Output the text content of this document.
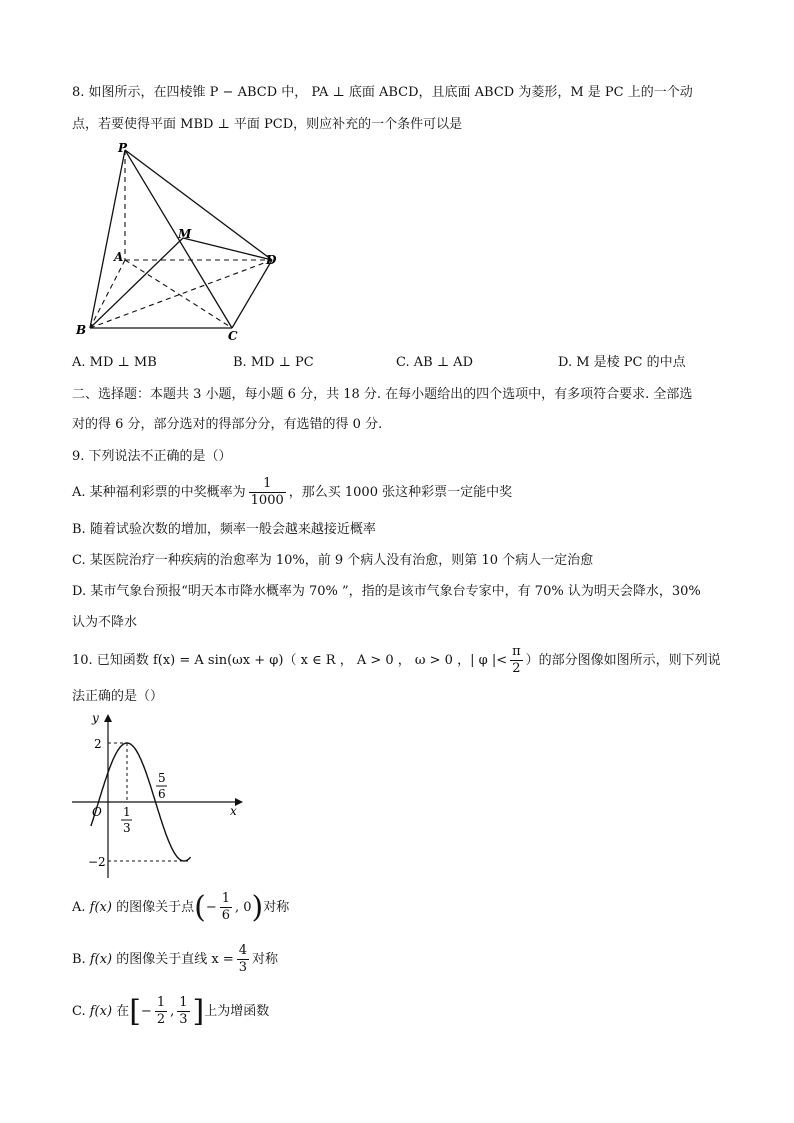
8. 如图所示，在四棱锥 P − ABCD 中， PA ⊥ 底面 ABCD，且底面 ABCD 为菱形，M 是 PC 上的一个动
点，若要使得平面 MBD ⊥ 平面 PCD，则应补充的一个条件可以是
P
A
B	C
D
M
A. MD ⊥ MB	B. MD ⊥ PC	C. AB ⊥ AD	D. M 是棱 PC 的中点
二、选择题：本题共 3 小题，每小题 6 分，共 18 分. 在每小题给出的四个选项中，有多项符合要求. 全部选
对的得 6 分，部分选对的得部分分，有选错的得 0 分.
9. 下列说法不正确的是（）
A. 某种福利彩票的中奖概率为 $\frac{1}{1000}$ ，那么买 1000 张这种彩票一定能中奖
B. 随着试验次数的增加，频率一般会越来越接近概率
C. 某医院治疗一种疾病的治愈率为 10%，前 9 个病人没有治愈，则第 10 个病人一定治愈
D. 某市气象台预报“明天本市降水概率为 70% ”，指的是该市气象台专家中，有 70% 认为明天会降水，30%
认为不降水
10. 已知函数 f(x) = A sin(ωx + φ)（ x ∈ R ， A > 0 ， ω > 0 ，| φ |< $\frac{\pi}{2}$ ）的部分图像如图所示，则下列说
法正确的是（）
y
x
O
2
−2
1
3
5
6
A. f(x) 的图像关于点(− $\frac{1}{6}$ , 0)对称
B. f(x) 的图像关于直线 $x = \frac{4}{3}$ 对称
C. f(x) 在[− $\frac{1}{2}$ , $\frac{1}{3}$ ]上为增函数
